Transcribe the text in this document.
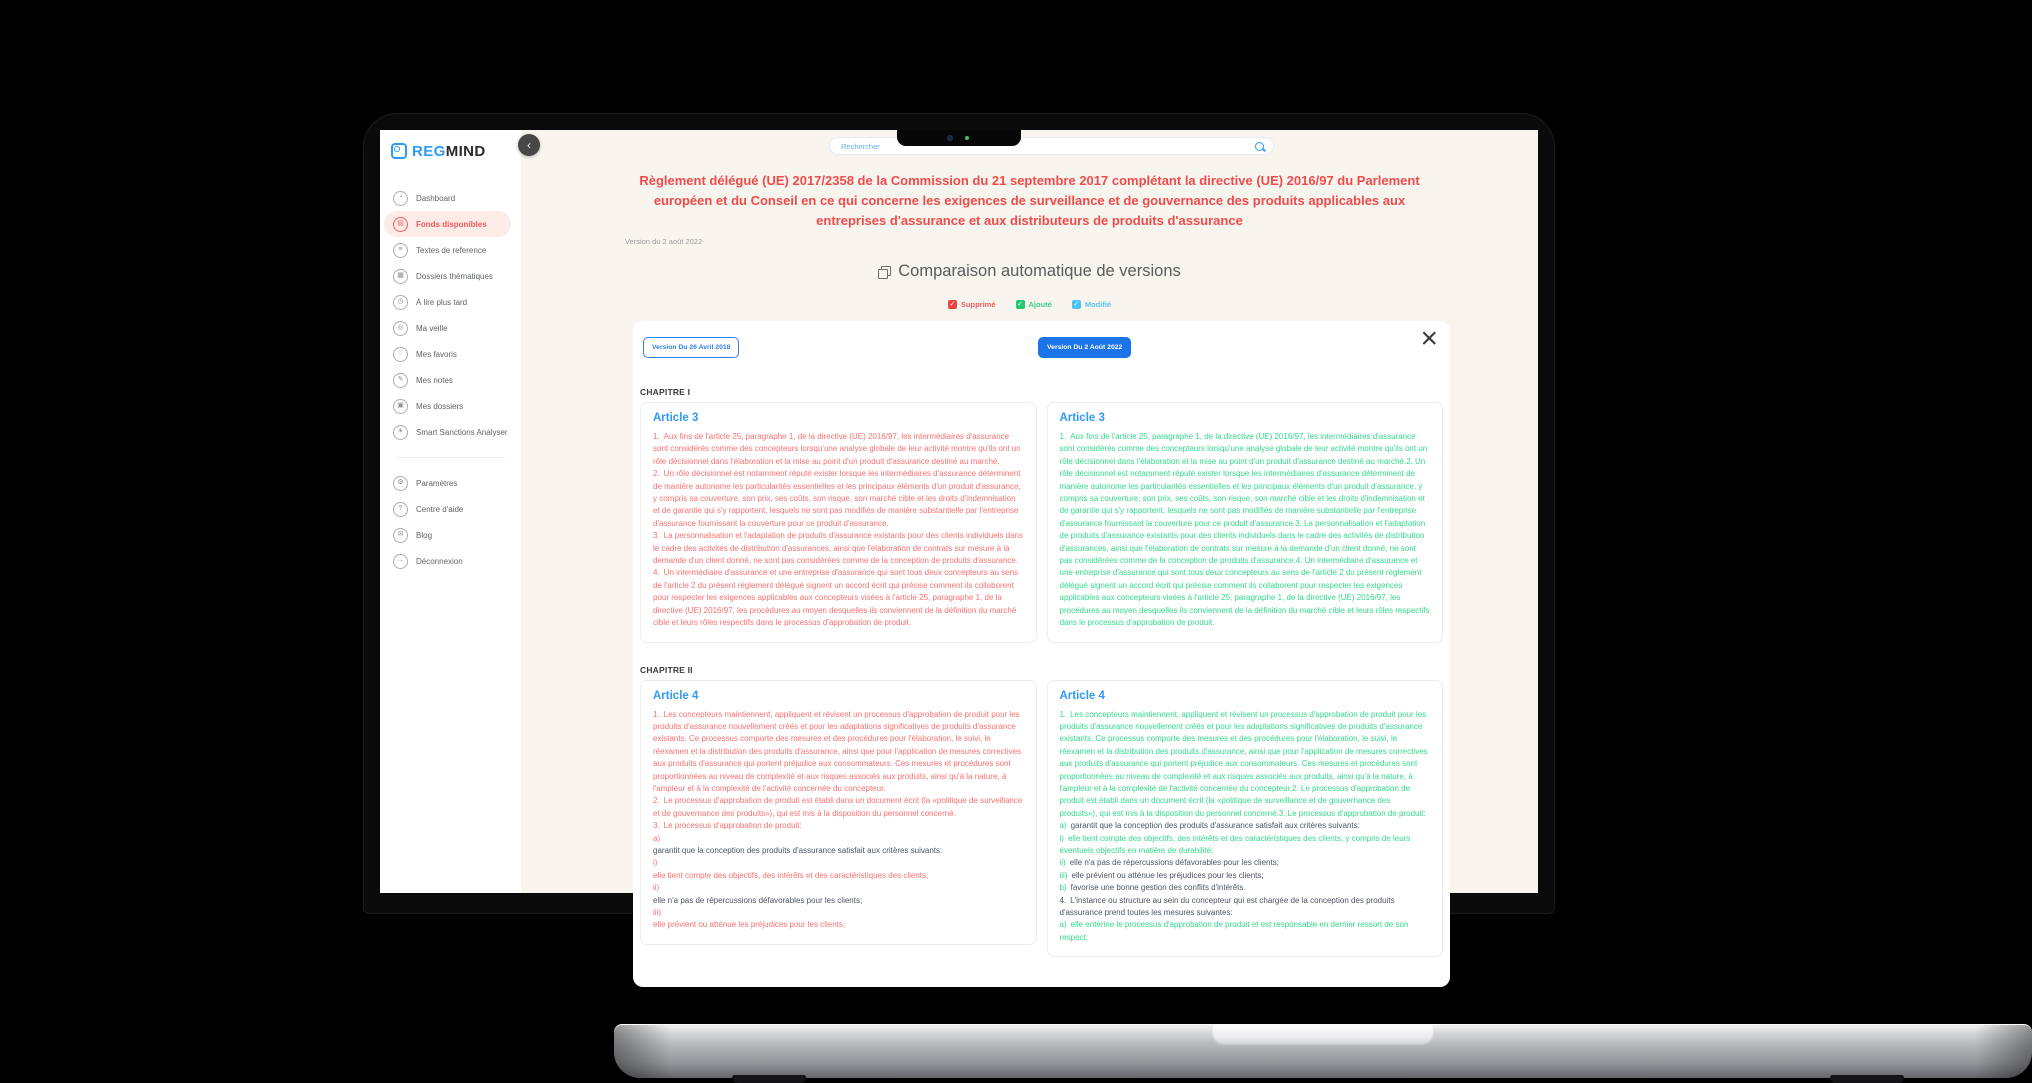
REGMIND	‹
◔	Dashboard
▤	Fonds disponibles
≡	Textes de reference
▦	Dossiers thématiques
◷	À lire plus tard
◎	Ma veille
♡	Mes favoris
✎	Mes notes
▣	Mes dossiers
✶	Smart Sanctions Analyser
⚙	Paramètres
?	Centre d'aide
✉	Blog
→	Déconnexion
Rechercher
Règlement délégué (UE) 2017/2358 de la Commission du 21 septembre 2017 complétant la directive (UE) 2016/97 du Parlement européen et du Conseil en ce qui concerne les exigences de surveillance et de gouvernance des produits applicables aux entreprises d'assurance et aux distributeurs de produits d'assurance
Version du 2 août 2022
Comparaison automatique de versions
✓ Supprimé	✓ Ajouté	✓ Modifié
×
Version Du 26 Avril 2018	Version Du 2 Août 2022
CHAPITRE I
Article 3

1. Aux fins de l'article 25, paragraphe 1, de la directive (UE) 2016/97, les intermédiaires d'assurance sont considérés comme des concepteurs lorsqu'une analyse globale de leur activité montre qu'ils ont un rôle décisionnel dans l'élaboration et la mise au point d'un produit d'assurance destiné au marché.

2. Un rôle décisionnel est notamment réputé exister lorsque les intermédiaires d'assurance déterminent de manière autonome les particularités essentielles et les principaux éléments d'un produit d'assurance, y compris sa couverture, son prix, ses coûts, son risque, son marché cible et les droits d'indemnisation et de garantie qui s'y rapportent, lesquels ne sont pas modifiés de manière substantielle par l'entreprise d'assurance fournissant la couverture pour ce produit d'assurance.

3. La personnalisation et l'adaptation de produits d'assurance existants pour des clients individuels dans le cadre des activités de distribution d'assurances, ainsi que l'élaboration de contrats sur mesure à la demande d'un client donné, ne sont pas considérées comme de la conception de produits d'assurance.

4. Un intermédiaire d'assurance et une entreprise d'assurance qui sont tous deux concepteurs au sens de l'article 2 du présent règlement délégué signent un accord écrit qui précise comment ils collaborent pour respecter les exigences applicables aux concepteurs visées à l'article 25, paragraphe 1, de la directive (UE) 2016/97, les procédures au moyen desquelles ils conviennent de la définition du marché cible et leurs rôles respectifs dans le processus d'approbation de produit.

Article 3

1. Aux fins de l'article 25, paragraphe 1, de la directive (UE) 2016/97, les intermédiaires d'assurance sont considérés comme des concepteurs lorsqu'une analyse globale de leur activité montre qu'ils ont un rôle décisionnel dans l'élaboration et la mise au point d'un produit d'assurance destiné au marché.2. Un rôle décisionnel est notamment réputé exister lorsque les intermédiaires d'assurance déterminent de manière autonome les particularités essentielles et les principaux éléments d'un produit d'assurance, y compris sa couverture, son prix, ses coûts, son risque, son marché cible et les droits d'indemnisation et de garantie qui s'y rapportent, lesquels ne sont pas modifiés de manière substantielle par l'entreprise d'assurance fournissant la couverture pour ce produit d'assurance.3. La personnalisation et l'adaptation de produits d'assurance existants pour des clients individuels dans le cadre des activités de distribution d'assurances, ainsi que l'élaboration de contrats sur mesure à la demande d'un client donné, ne sont pas considérées comme de la conception de produits d'assurance.4. Un intermédiaire d'assurance et une entreprise d'assurance qui sont tous deux concepteurs au sens de l'article 2 du présent règlement délégué signent un accord écrit qui précise comment ils collaborent pour respecter les exigences applicables aux concepteurs visées à l'article 25, paragraphe 1, de la directive (UE) 2016/97, les procédures au moyen desquelles ils conviennent de la définition du marché cible et leurs rôles respectifs dans le processus d'approbation de produit.

CHAPITRE II
Article 4

1. Les concepteurs maintiennent, appliquent et révisent un processus d'approbation de produit pour les produits d'assurance nouvellement créés et pour les adaptations significatives de produits d'assurance existants. Ce processus comporte des mesures et des procédures pour l'élaboration, le suivi, le réexamen et la distribution des produits d'assurance, ainsi que pour l'application de mesures correctives aux produits d'assurance qui portent préjudice aux consommateurs. Ces mesures et procédures sont proportionnées au niveau de complexité et aux risques associés aux produits, ainsi qu'à la nature, à l'ampleur et à la complexité de l'activité concernée du concepteur.

2. Le processus d'approbation de produit est établi dans un document écrit (la «politique de surveillance et de gouvernance des produits»), qui est mis à la disposition du personnel concerné.

3. Le processus d'approbation de produit:

a)

garantit que la conception des produits d'assurance satisfait aux critères suivants:

i)

elle tient compte des objectifs, des intérêts et des caractéristiques des clients;

ii)

elle n'a pas de répercussions défavorables pour les clients;

iii)

elle prévient ou atténue les préjudices pour les clients;

Article 4

1. Les concepteurs maintiennent, appliquent et révisent un processus d'approbation de produit pour les produits d'assurance nouvellement créés et pour les adaptations significatives de produits d'assurance existants. Ce processus comporte des mesures et des procédures pour l'élaboration, le suivi, le réexamen et la distribution des produits d'assurance, ainsi que pour l'application de mesures correctives aux produits d'assurance qui portent préjudice aux consommateurs. Ces mesures et procédures sont proportionnées au niveau de complexité et aux risques associés aux produits, ainsi qu'à la nature, à l'ampleur et à la complexité de l'activité concernée du concepteur.2. Le processus d'approbation de produit est établi dans un document écrit (la «politique de surveillance et de gouvernance des produits»), qui est mis à la disposition du personnel concerné.3. Le processus d'approbation de produit:

a) garantit que la conception des produits d'assurance satisfait aux critères suivants:

i) elle tient compte des objectifs, des intérêts et des caractéristiques des clients, y compris de leurs éventuels objectifs en matière de durabilité;

ii) elle n'a pas de répercussions défavorables pour les clients;

iii) elle prévient ou atténue les préjudices pour les clients;

b) favorise une bonne gestion des conflits d'intérêts.

4. L'instance ou structure au sein du concepteur qui est chargée de la conception des produits d'assurance prend toutes les mesures suivantes:

a) elle entérine le processus d'approbation de produit et est responsable en dernier ressort de son respect;
